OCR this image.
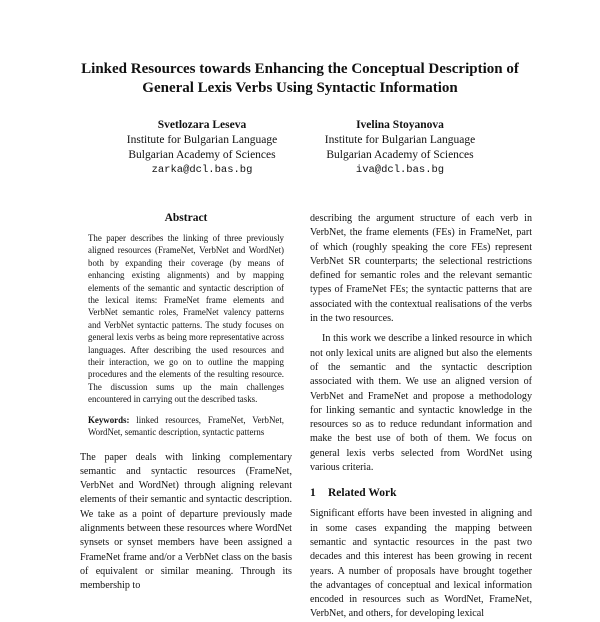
Linked Resources towards Enhancing the Conceptual Description of
General Lexis Verbs Using Syntactic Information
Svetlozara Leseva
Institute for Bulgarian Language
Bulgarian Academy of Sciences
zarka@dcl.bas.bg
Ivelina Stoyanova
Institute for Bulgarian Language
Bulgarian Academy of Sciences
iva@dcl.bas.bg
Abstract

The paper describes the linking of three previously aligned resources (FrameNet, VerbNet and WordNet) both by expanding their coverage (by means of enhancing existing alignments) and by mapping elements of the semantic and syntactic description of the lexical items: FrameNet frame elements and VerbNet semantic roles, FrameNet valency patterns and VerbNet syntactic patterns. The study focuses on general lexis verbs as being more representative across languages. After describing the used resources and their interaction, we go on to outline the mapping procedures and the elements of the resulting resource. The discussion sums up the main challenges encountered in carrying out the described tasks.

Keywords: linked resources, FrameNet, VerbNet, WordNet, semantic description, syntactic patterns

The paper deals with linking complementary semantic and syntactic resources (FrameNet, VerbNet and WordNet) through aligning relevant elements of their semantic and syntactic description. We take as a point of departure previously made alignments between these resources where WordNet synsets or synset members have been assigned a FrameNet frame and/or a VerbNet class on the basis of equivalent or similar meaning. Through its membership to

describing the argument structure of each verb in VerbNet, the frame elements (FEs) in FrameNet, part of which (roughly speaking the core FEs) represent VerbNet SR counterparts; the selectional restrictions defined for semantic roles and the relevant semantic types of FrameNet FEs; the syntactic patterns that are associated with the contextual realisations of the verbs in the two resources.

In this work we describe a linked resource in which not only lexical units are aligned but also the elements of the semantic and the syntactic description associated with them. We use an aligned version of VerbNet and FrameNet and propose a methodology for linking semantic and syntactic knowledge in the resources so as to reduce redundant information and make the best use of both of them. We focus on general lexis verbs selected from WordNet using various criteria.

1 Related Work

Significant efforts have been invested in aligning and in some cases expanding the mapping between semantic and syntactic resources in the past two decades and this interest has been growing in recent years. A number of proposals have brought together the advantages of conceptual and lexical information encoded in resources such as WordNet, FrameNet, VerbNet, and others, for developing lexical
